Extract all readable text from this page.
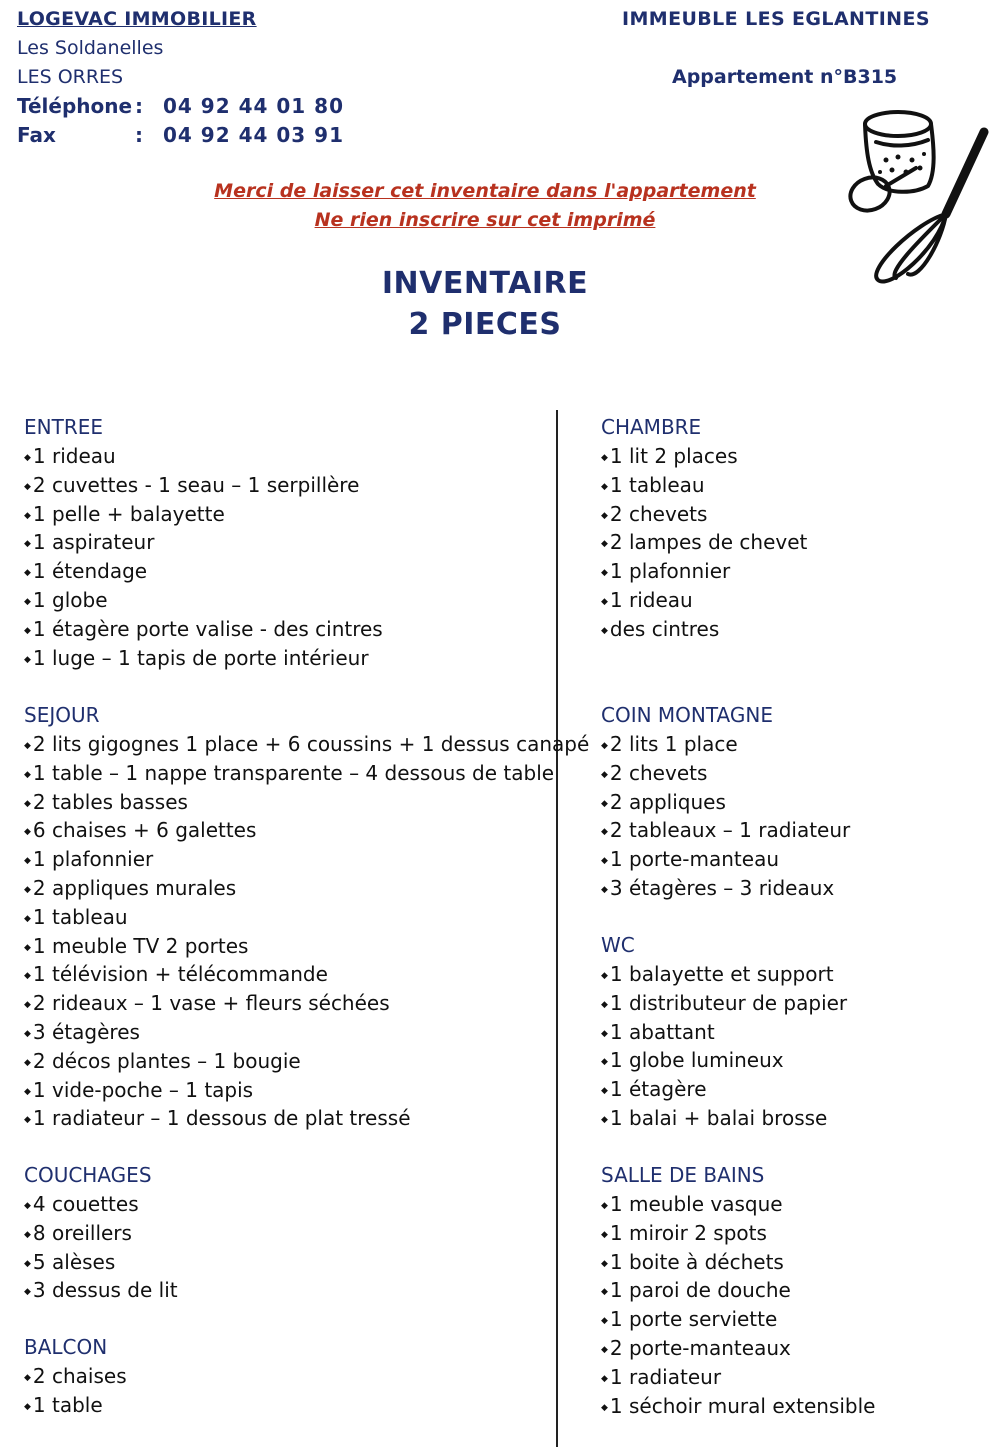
LOGEVAC IMMOBILIER
Les Soldanelles
LES ORRES
Téléphone : 04 92 44 01 80
Fax	: 04 92 44 03 91
IMMEUBLE LES EGLANTINES
Appartement n°B315
Merci de laisser cet inventaire dans l'appartement
Ne rien inscrire sur cet imprimé
INVENTAIRE
2 PIECES
ENTREE
◆ 1 rideau
◆ 2 cuvettes - 1 seau – 1 serpillère
◆ 1 pelle + balayette
◆ 1 aspirateur
◆ 1 étendage
◆ 1 globe
◆ 1 étagère porte valise - des cintres
◆ 1 luge – 1 tapis de porte intérieur
SEJOUR
◆ 2 lits gigognes 1 place + 6 coussins + 1 dessus canapé
◆ 1 table – 1 nappe transparente – 4 dessous de table
◆ 2 tables basses
◆ 6 chaises + 6 galettes
◆ 1 plafonnier
◆ 2 appliques murales
◆ 1 tableau
◆ 1 meuble TV 2 portes
◆ 1 télévision + télécommande
◆ 2 rideaux – 1 vase + fleurs séchées
◆ 3 étagères
◆ 2 décos plantes – 1 bougie
◆ 1 vide-poche – 1 tapis
◆ 1 radiateur – 1 dessous de plat tressé
COUCHAGES
◆ 4 couettes
◆ 8 oreillers
◆ 5 alèses
◆ 3 dessus de lit
BALCON
◆ 2 chaises
◆ 1 table
CHAMBRE
◆ 1 lit 2 places
◆ 1 tableau
◆ 2 chevets
◆ 2 lampes de chevet
◆ 1 plafonnier
◆ 1 rideau
◆ des cintres
COIN MONTAGNE
◆ 2 lits 1 place
◆ 2 chevets
◆ 2 appliques
◆ 2 tableaux – 1 radiateur
◆ 1 porte-manteau
◆ 3 étagères – 3 rideaux
WC
◆ 1 balayette et support
◆ 1 distributeur de papier
◆ 1 abattant
◆ 1 globe lumineux
◆ 1 étagère
◆ 1 balai + balai brosse
SALLE DE BAINS
◆ 1 meuble vasque
◆ 1 miroir 2 spots
◆ 1 boite à déchets
◆ 1 paroi de douche
◆ 1 porte serviette
◆ 2 porte-manteaux
◆ 1 radiateur
◆ 1 séchoir mural extensible
